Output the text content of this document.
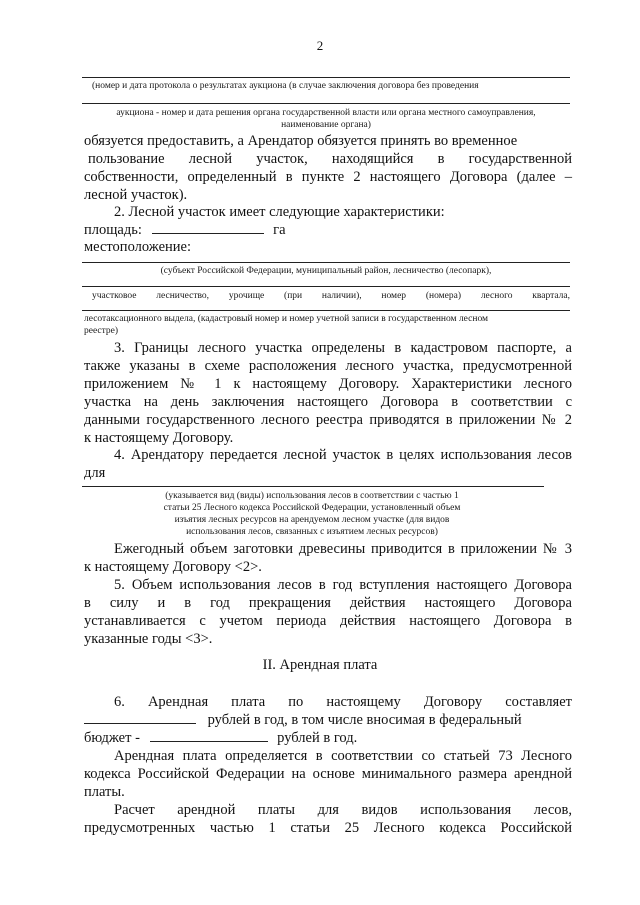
2
(номер и дата протокола о результатах аукциона (в случае заключения договора без проведения
аукциона - номер и дата решения органа государственной власти или органа местного самоуправления,
наименование органа)
обязуется предоставить, а Арендатор обязуется принять во временное
пользование лесной участок, находящийся в государственной
собственности, определенный в пункте 2 настоящего Договора (далее –
лесной участок).
2. Лесной участок имеет следующие характеристики:
площадь:	га
местоположение:
(субъект Российской Федерации, муниципальный район, лесничество (лесопарк),
участковое лесничество, урочище (при наличии), номер (номера) лесного квартала,
лесотаксационного выдела, (кадастровый номер и номер учетной записи в государственном лесном
реестре)
3. Границы лесного участка определены в кадастровом паспорте, а
также указаны в схеме расположения лесного участка, предусмотренной
приложением № 1 к настоящему Договору. Характеристики лесного
участка на день заключения настоящего Договора в соответствии с
данными государственного лесного реестра приводятся в приложении № 2
к настоящему Договору.
4. Арендатору передается лесной участок в целях использования лесов
для
(указывается вид (виды) использования лесов в соответствии с частью 1
статьи 25 Лесного кодекса Российской Федерации, установленный объем
изъятия лесных ресурсов на арендуемом лесном участке (для видов
использования лесов, связанных с изъятием лесных ресурсов)
Ежегодный объем заготовки древесины приводится в приложении № 3
к настоящему Договору <2>.
5. Объем использования лесов в год вступления настоящего Договора
в силу и в год прекращения действия настоящего Договора
устанавливается с учетом периода действия настоящего Договора в
указанные годы <3>.
II. Арендная плата
6. Арендная плата по настоящему Договору составляет
рублей в год, в том числе вносимая в федеральный
бюджет -	рублей в год.
Арендная плата определяется в соответствии со статьей 73 Лесного
кодекса Российской Федерации на основе минимального размера арендной
платы.
Расчет арендной платы для видов использования лесов,
предусмотренных частью 1 статьи 25 Лесного кодекса Российской
